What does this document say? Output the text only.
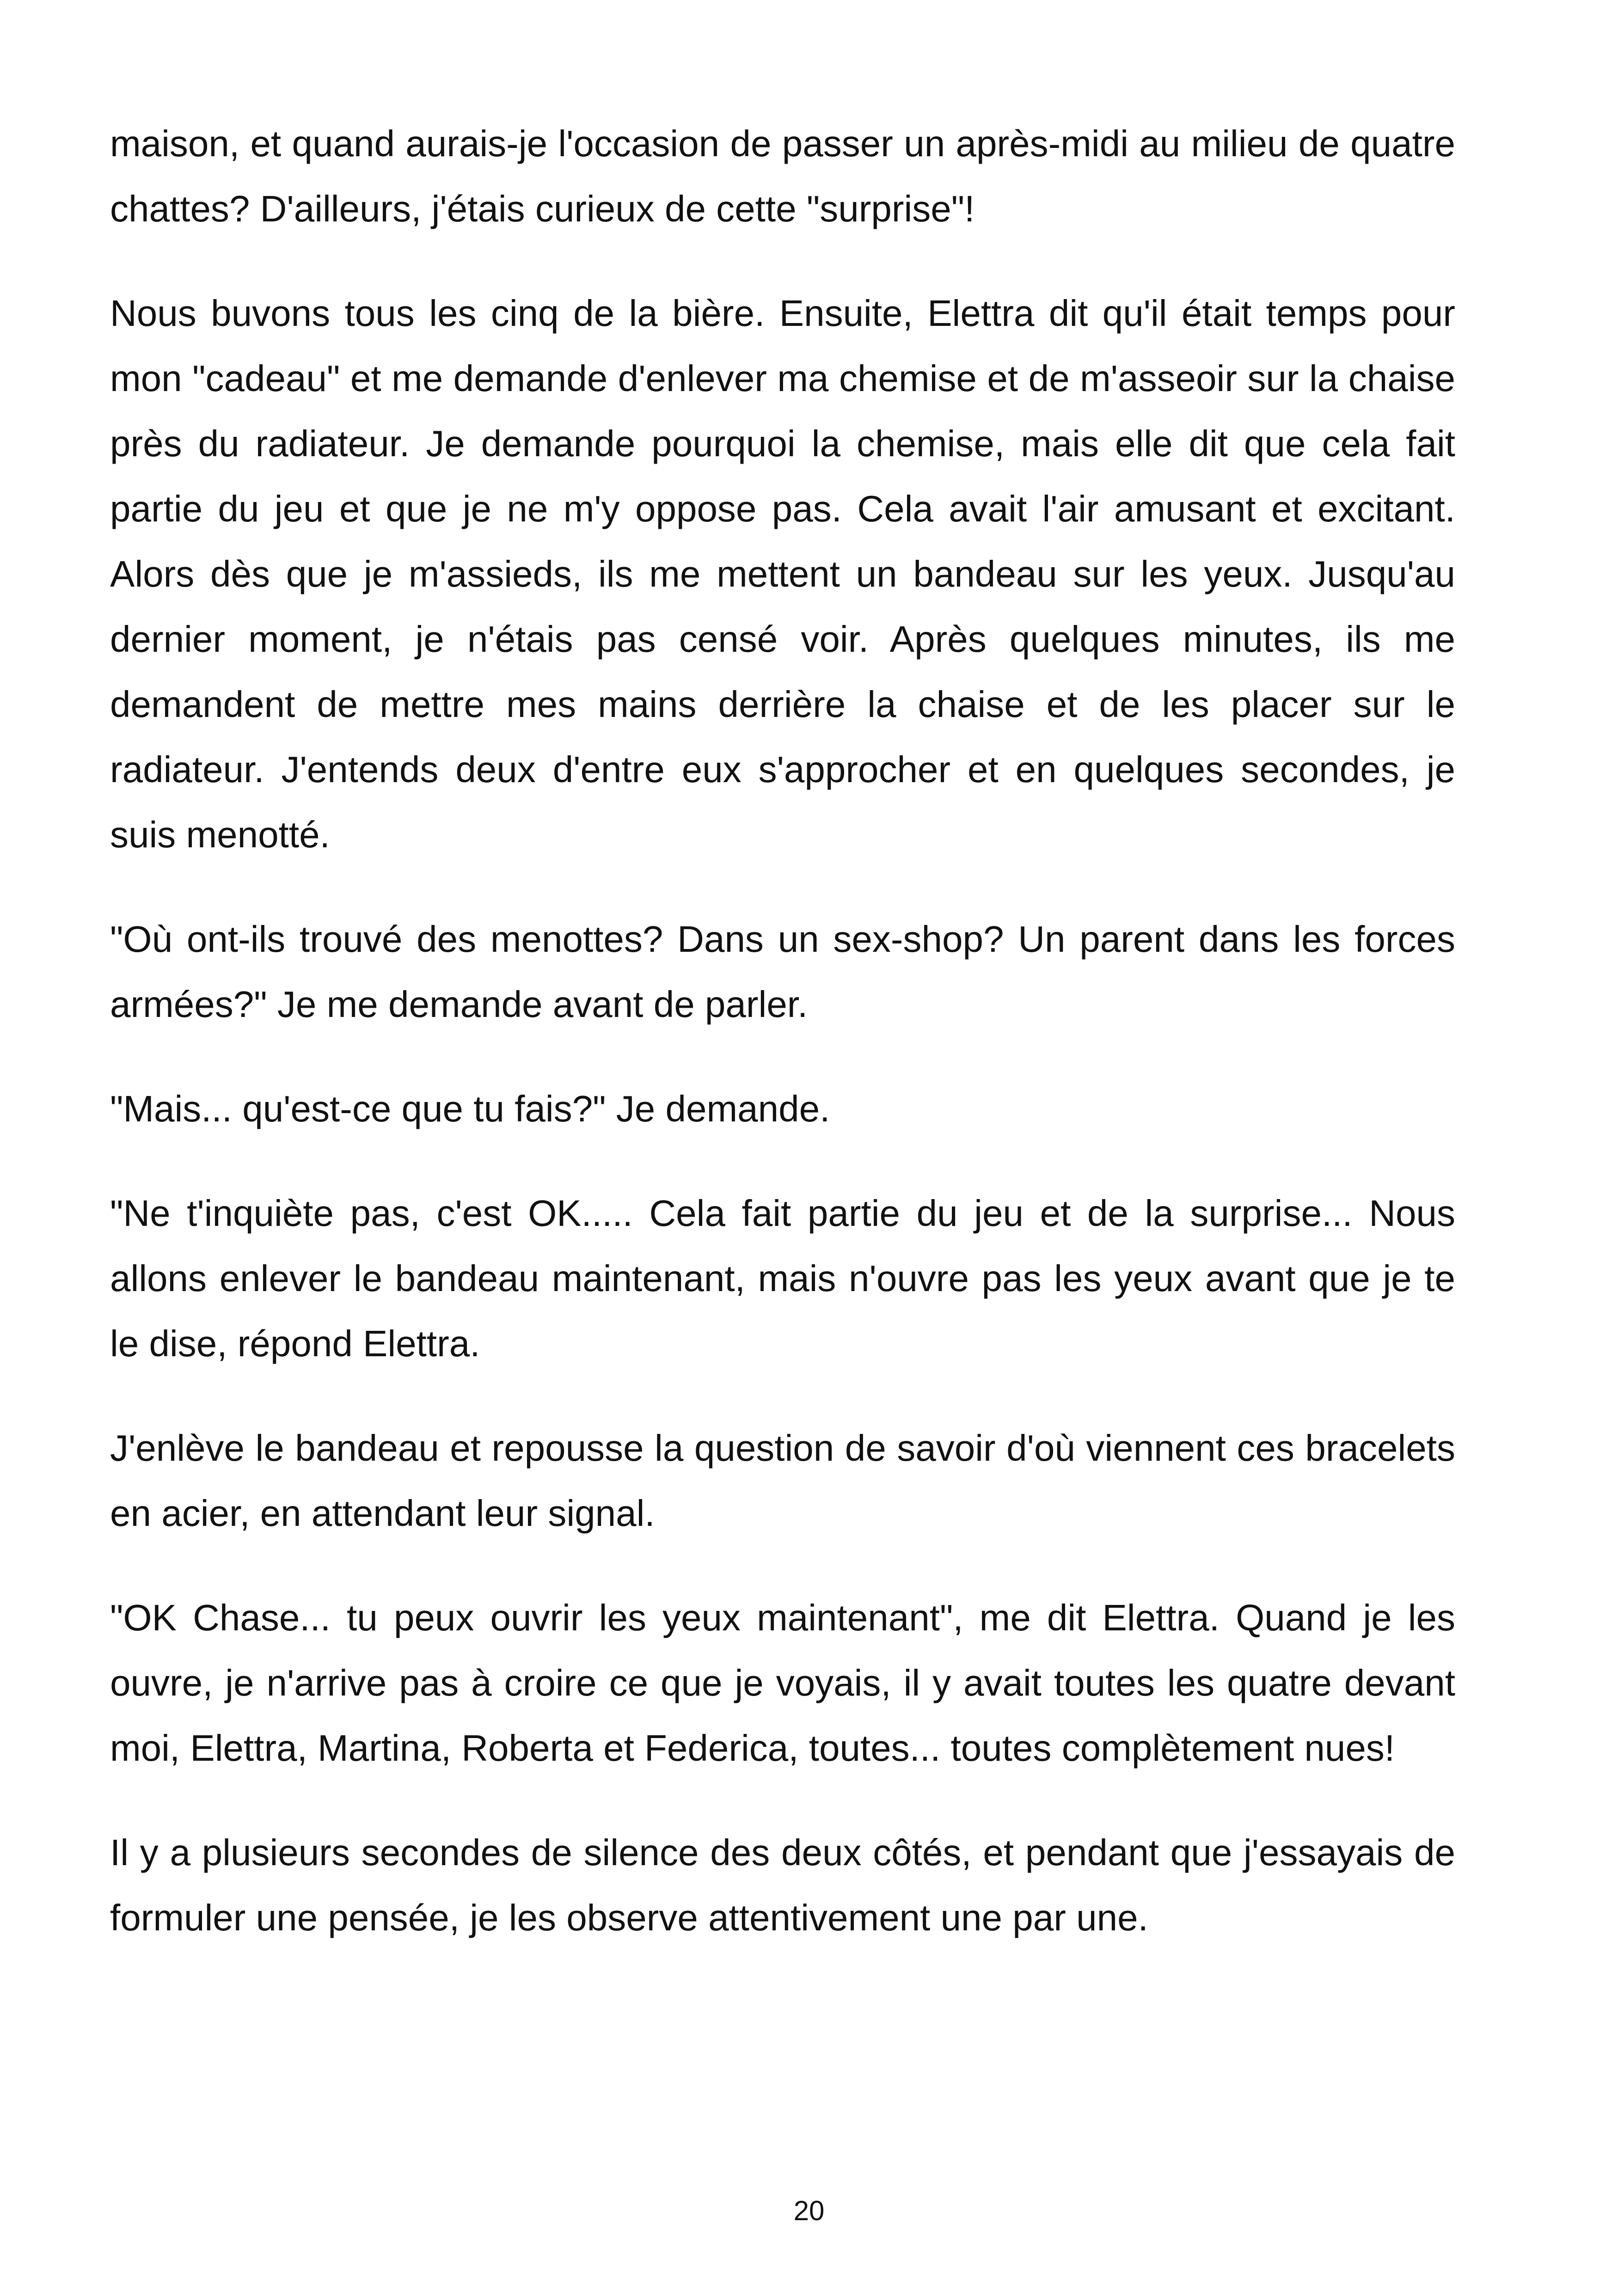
maison, et quand aurais-je l'occasion de passer un après-midi au milieu de quatre chattes? D'ailleurs, j'étais curieux de cette "surprise"!

Nous buvons tous les cinq de la bière. Ensuite, Elettra dit qu'il était temps pour mon "cadeau" et me demande d'enlever ma chemise et de m'asseoir sur la chaise près du radiateur. Je demande pourquoi la chemise, mais elle dit que cela fait partie du jeu et que je ne m'y oppose pas. Cela avait l'air amusant et excitant. Alors dès que je m'assieds, ils me mettent un bandeau sur les yeux. Jusqu'au dernier moment, je n'étais pas censé voir. Après quelques minutes, ils me demandent de mettre mes mains derrière la chaise et de les placer sur le radiateur. J'entends deux d'entre eux s'approcher et en quelques secondes, je suis menotté.

"Où ont-ils trouvé des menottes? Dans un sex-shop? Un parent dans les forces armées?" Je me demande avant de parler.

"Mais... qu'est-ce que tu fais?" Je demande.

"Ne t'inquiète pas, c'est OK..... Cela fait partie du jeu et de la surprise... Nous allons enlever le bandeau maintenant, mais n'ouvre pas les yeux avant que je te le dise, répond Elettra.

J'enlève le bandeau et repousse la question de savoir d'où viennent ces bracelets en acier, en attendant leur signal.

"OK Chase... tu peux ouvrir les yeux maintenant", me dit Elettra. Quand je les ouvre, je n'arrive pas à croire ce que je voyais, il y avait toutes les quatre devant moi, Elettra, Martina, Roberta et Federica, toutes... toutes complètement nues!

Il y a plusieurs secondes de silence des deux côtés, et pendant que j'essayais de formuler une pensée, je les observe attentivement une par une.

20
